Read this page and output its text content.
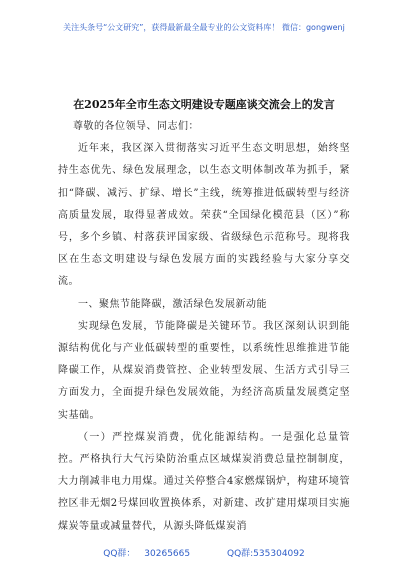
关注头条号“公文研究”，获得最新最全最专业的公文资料库！ 微信：gongwenj
在2025年全市生态文明建设专题座谈交流会上的发言

尊敬的各位领导、同志们：

近年来，我区深入贯彻落实习近平生态文明思想，始终坚持生态优先、绿色发展理念，以生态文明体制改革为抓手，紧扣“降碳、减污、扩绿、增长”主线，统筹推进低碳转型与经济高质量发展，取得显著成效。荣获“全国绿化模范县（区）”称号，多个乡镇、村落获评国家级、省级绿色示范称号。现将我区在生态文明建设与绿色发展方面的实践经验与大家分享交流。

一、聚焦节能降碳，激活绿色发展新动能

实现绿色发展，节能降碳是关键环节。我区深刻认识到能源结构优化与产业低碳转型的重要性，以系统性思维推进节能降碳工作，从煤炭消费管控、企业转型发展、生活方式引导三方面发力，全面提升绿色发展效能，为经济高质量发展奠定坚实基础。

（一）严控煤炭消费，优化能源结构。一是强化总量管控。严格执行大气污染防治重点区域煤炭消费总量控制制度，大力削减非电力用煤。通过关停整合4家燃煤锅炉，构建环境管控区非无烟2号煤回收置换体系，对新建、改扩建用煤项目实施煤炭等量或减量替代，从源头降低煤炭消

QQ群： 30265665	QQ群:535304092
